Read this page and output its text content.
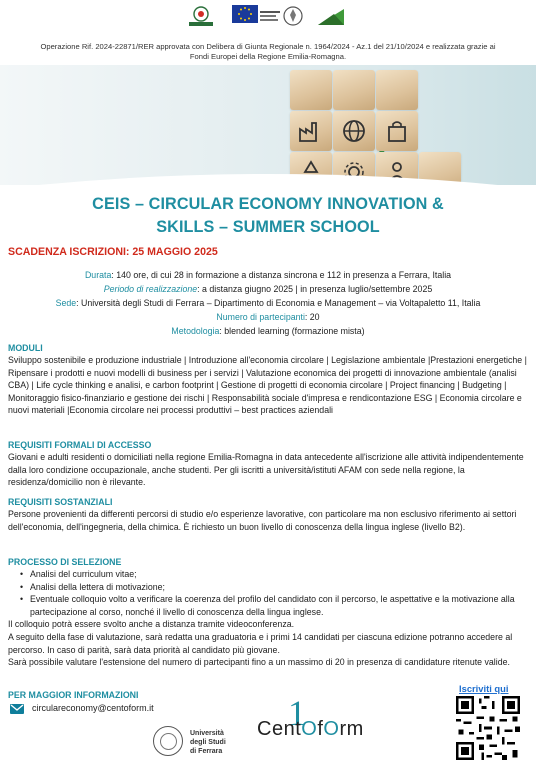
Operazione Rif. 2024-22871/RER approvata con Delibera di Giunta Regionale n. 1964/2024 - Az.1 del 21/10/2024 e realizzata grazie ai Fondi Europei della Regione Emilia-Romagna.
CEIS – CIRCULAR ECONOMY INNOVATION &
SKILLS – SUMMER SCHOOL
SCADENZA ISCRIZIONI: 25 MAGGIO 2025
Durata: 140 ore, di cui 28 in formazione a distanza sincrona e 112 in presenza a Ferrara, Italia
Periodo di realizzazione: a distanza giugno 2025 | in presenza luglio/settembre 2025
Sede: Università degli Studi di Ferrara – Dipartimento di Economia e Management – via Voltapaletto 11, Italia
Numero di partecipanti: 20
Metodologia: blended learning (formazione mista)
MODULI
Sviluppo sostenibile e produzione industriale | Introduzione all'economia circolare | Legislazione ambientale |Prestazioni energetiche | Ripensare i prodotti e nuovi modelli di business per i servizi | Valutazione economica dei progetti di innovazione ambientale (analisi CBA) | Life cycle thinking e analisi, e carbon footprint | Gestione di progetti di economia circolare | Project financing | Budgeting | Monitoraggio fisico-finanziario e gestione dei rischi | Responsabilità sociale d'impresa e rendicontazione ESG | Economia circolare e nuovi materiali |Economia circolare nei processi produttivi – best practices aziendali
REQUISITI FORMALI DI ACCESSO
Giovani e adulti residenti o domiciliati nella regione Emilia-Romagna in data antecedente all'iscrizione alle attività indipendentemente dalla loro condizione occupazionale, anche studenti. Per gli iscritti a università/istituti AFAM con sede nella regione, la residenza/domicilio non è rilevante.
REQUISITI SOSTANZIALI
Persone provenienti da differenti percorsi di studio e/o esperienze lavorative, con particolare ma non esclusivo riferimento ai settori dell'economia, dell'ingegneria, della chimica. È richiesto un buon livello di conoscenza della lingua inglese (livello B2).
PROCESSO DI SELEZIONE
• Analisi del curriculum vitae;
• Analisi della lettera di motivazione;
• Eventuale colloquio volto a verificare la coerenza del profilo del candidato con il percorso, le aspettative e la motivazione alla partecipazione al corso, nonché il livello di conoscenza della lingua inglese.
Il colloquio potrà essere svolto anche a distanza tramite videoconferenza.
A seguito della fase di valutazione, sarà redatta una graduatoria e i primi 14 candidati per ciascuna edizione potranno accedere al percorso. In caso di parità, sarà data priorità al candidato più giovane.
Sarà possibile valutare l'estensione del numero di partecipanti fino a un massimo di 20 in presenza di candidature ritenute valide.
PER MAGGIOR INFORMAZIONI
circulareconomy@centoform.it
Università
degli Studi
di Ferrara
1
CentOfOrm
Iscriviti qui
